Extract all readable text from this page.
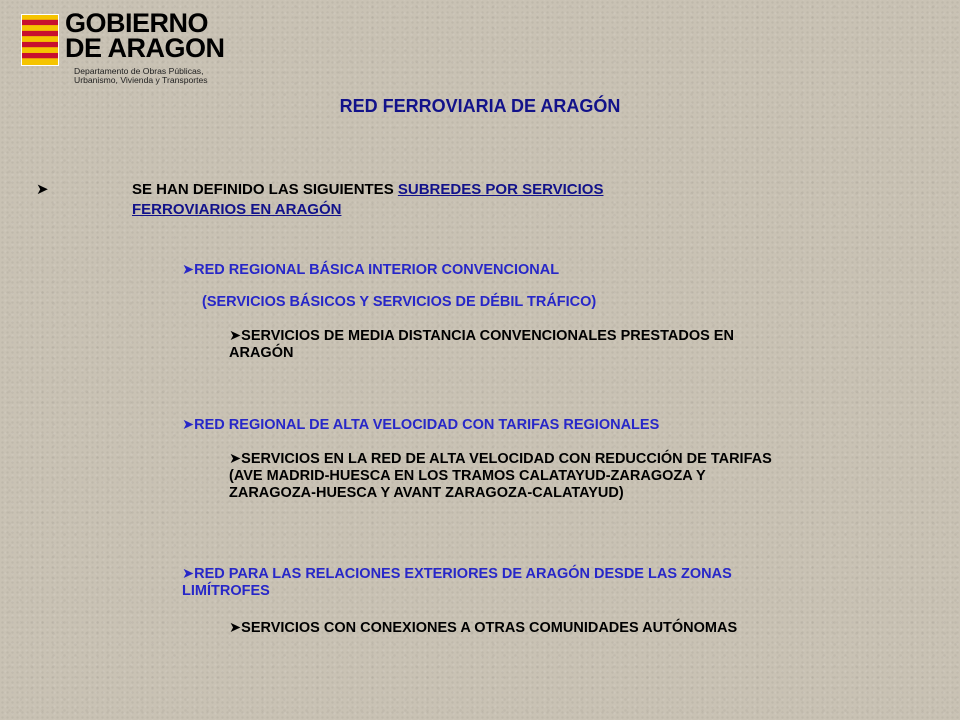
GOBIERNO
DE ARAGON
Departamento de Obras Públicas,
Urbanismo, Vivienda y Transportes
RED FERROVIARIA DE ARAGÓN
➤	SE HAN DEFINIDO LAS SIGUIENTES SUBREDES POR SERVICIOS
FERROVIARIOS EN ARAGÓN
➤RED REGIONAL BÁSICA INTERIOR CONVENCIONAL
(SERVICIOS BÁSICOS Y SERVICIOS DE DÉBIL TRÁFICO)
➤SERVICIOS DE MEDIA DISTANCIA CONVENCIONALES PRESTADOS EN
ARAGÓN
➤RED REGIONAL DE ALTA VELOCIDAD CON TARIFAS REGIONALES
➤SERVICIOS EN LA RED DE ALTA VELOCIDAD CON REDUCCIÓN DE TARIFAS
(AVE MADRID-HUESCA EN LOS TRAMOS CALATAYUD-ZARAGOZA Y
ZARAGOZA-HUESCA Y AVANT ZARAGOZA-CALATAYUD)
➤RED PARA LAS RELACIONES EXTERIORES DE ARAGÓN DESDE LAS ZONAS
LIMÍTROFES
➤SERVICIOS CON CONEXIONES A OTRAS COMUNIDADES AUTÓNOMAS
